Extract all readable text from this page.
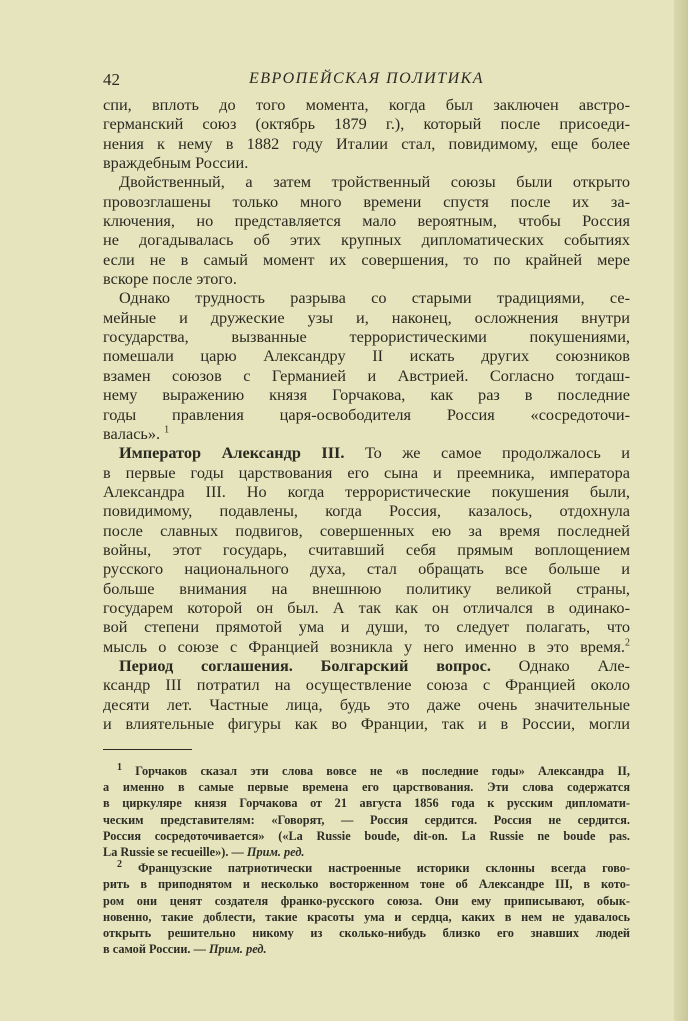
42	ЕВРОПЕЙСКАЯ ПОЛИТИКА
спи, вплоть до того момента, когда был заключен австро-
германский союз (октябрь 1879 г.), который после присоеди-
нения к нему в 1882 году Италии стал, повидимому, еще более
враждебным России.
Двойственный, а затем тройственный союзы были открыто
провозглашены только много времени спустя после их за-
ключения, но представляется мало вероятным, чтобы Россия
не догадывалась об этих крупных дипломатических событиях
если не в самый момент их совершения, то по крайней мере
вскоре после этого.
Однако трудность разрыва со старыми традициями, се-
мейные и дружеские узы и, наконец, осложнения внутри
государства, вызванные террористическими покушениями,
помешали царю Александру II искать других союзников
взамен союзов с Германией и Австрией. Согласно тогдаш-
нему выражению князя Горчакова, как раз в последние
годы правления царя-освободителя Россия «сосредоточи-
валась». $^1$
Император Александр III. То же самое продолжалось и
в первые годы царствования его сына и преемника, императора
Александра III. Но когда террористические покушения были,
повидимому, подавлены, когда Россия, казалось, отдохнула
после славных подвигов, совершенных ею за время последней
войны, этот государь, считавший себя прямым воплощением
русского национального духа, стал обращать все больше и
больше внимания на внешнюю политику великой страны,
государем которой он был. А так как он отличался в одинако-
вой степени прямотой ума и души, то следует полагать, что
мысль о союзе с Францией возникла у него именно в это время.$^2$
Период соглашения. Болгарский вопрос. Однако Але-
ксандр III потратил на осуществление союза с Францией около
десяти лет. Частные лица, будь это даже очень значительные
и влиятельные фигуры как во Франции, так и в России, могли
$^1$ Горчаков сказал эти слова вовсе не «в последние годы» Александра II,
а именно в самые первые времена его царствования. Эти слова содержатся
в циркуляре князя Горчакова от 21 августа 1856 года к русским дипломати-
ческим представителям: «Говорят, — Россия сердится. Россия не сердится.
Россия сосредоточивается» («La Russie boude, dit-on. La Russie ne boude pas.
La Russie se recueille»). — Прим. ред.
$^2$ Французские патриотически настроенные историки склонны всегда гово-
рить в приподнятом и несколько восторженном тоне об Александре III, в кото-
ром они ценят создателя франко-русского союза. Они ему приписывают, обык-
новенно, такие доблести, такие красоты ума и сердца, каких в нем не удавалось
открыть решительно никому из сколько-нибудь близко его знавших людей
в самой России. — Прим. ред.
